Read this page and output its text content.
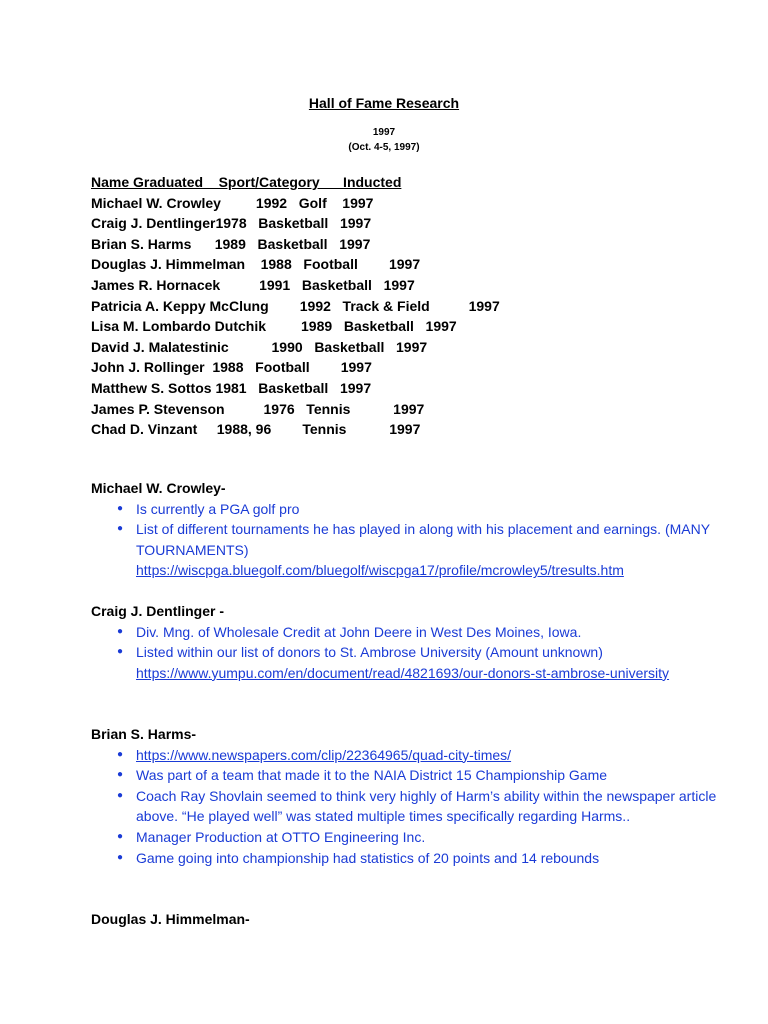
Hall of Fame Research
1997
(Oct. 4-5, 1997)
Name Graduated    Sport/Category      Inducted
Michael W. Crowley         1992   Golf    1997
Craig J. Dentlinger1978   Basketball   1997
Brian S. Harms      1989   Basketball   1997
Douglas J. Himmelman    1988   Football        1997
James R. Hornacek          1991   Basketball   1997
Patricia A. Keppy McClung        1992   Track & Field          1997
Lisa M. Lombardo Dutchik         1989   Basketball   1997
David J. Malatestinic           1990   Basketball   1997
John J. Rollinger  1988   Football        1997
Matthew S. Sottos 1981   Basketball   1997
James P. Stevenson          1976   Tennis           1997
Chad D. Vinzant     1988, 96        Tennis           1997
Michael W. Crowley-
● Is currently a PGA golf pro
● List of different tournaments he has played in along with his placement and earnings. (MANY TOURNAMENTS)
https://wiscpga.bluegolf.com/bluegolf/wiscpga17/profile/mcrowley5/tresults.htm
Craig J. Dentlinger -
● Div. Mng. of Wholesale Credit at John Deere in West Des Moines, Iowa.
● Listed within our list of donors to St. Ambrose University (Amount unknown)
https://www.yumpu.com/en/document/read/4821693/our-donors-st-ambrose-university
Brian S. Harms-
● https://www.newspapers.com/clip/22364965/quad-city-times/
● Was part of a team that made it to the NAIA District 15 Championship Game
● Coach Ray Shovlain seemed to think very highly of Harm’s ability within the newspaper article above. “He played well” was stated multiple times specifically regarding Harms..
● Manager Production at OTTO Engineering Inc.
● Game going into championship had statistics of 20 points and 14 rebounds
Douglas J. Himmelman-
